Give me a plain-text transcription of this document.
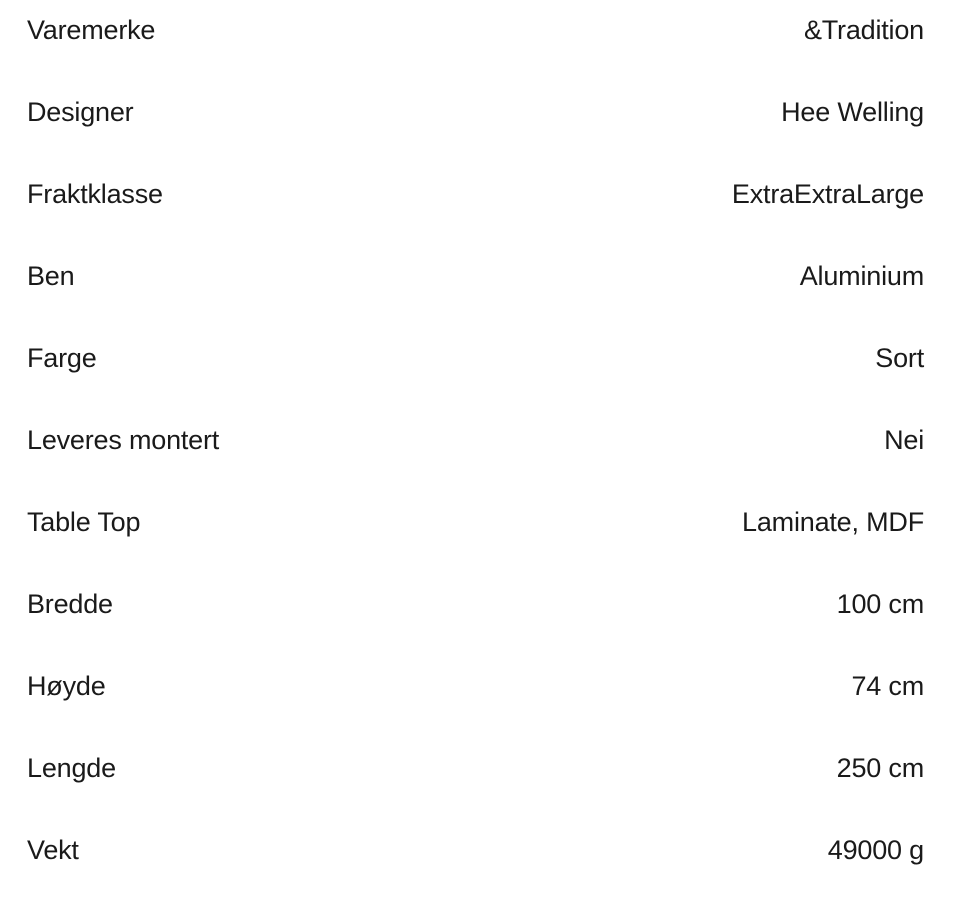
Varemerke	&Tradition
Designer	Hee Welling
Fraktklasse	ExtraExtraLarge
Ben	Aluminium
Farge	Sort
Leveres montert	Nei
Table Top	Laminate, MDF
Bredde	100 cm
Høyde	74 cm
Lengde	250 cm
Vekt	49000 g
